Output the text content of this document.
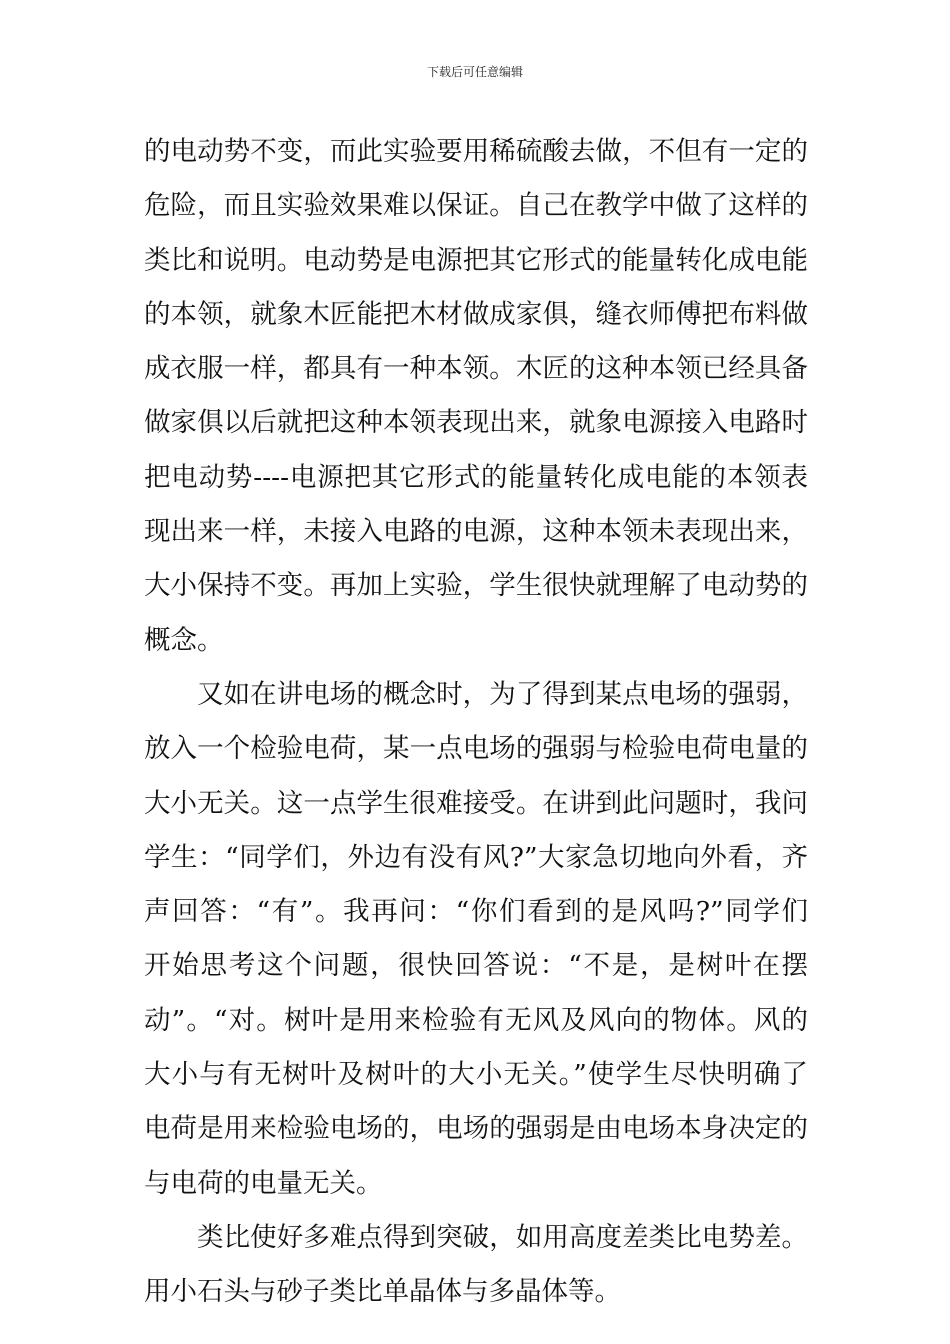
下载后可任意编辑
的电动势不变，而此实验要用稀硫酸去做，不但有一定的
危险，而且实验效果难以保证。自己在教学中做了这样的
类比和说明。电动势是电源把其它形式的能量转化成电能
的本领，就象木匠能把木材做成家俱，缝衣师傅把布料做
成衣服一样，都具有一种本领。木匠的这种本领已经具备
做家俱以后就把这种本领表现出来，就象电源接入电路时
把电动势----电源把其它形式的能量转化成电能的本领表
现出来一样，未接入电路的电源，这种本领未表现出来，
大小保持不变。再加上实验，学生很快就理解了电动势的
概念。
又如在讲电场的概念时，为了得到某点电场的强弱，
放入一个检验电荷，某一点电场的强弱与检验电荷电量的
大小无关。这一点学生很难接受。在讲到此问题时，我问
学生：“同学们，外边有没有风?”大家急切地向外看，齐
声回答：“有”。我再问：“你们看到的是风吗?”同学们
开始思考这个问题，很快回答说：“不是，是树叶在摆
动”。“对。树叶是用来检验有无风及风向的物体。风的
大小与有无树叶及树叶的大小无关。”使学生尽快明确了
电荷是用来检验电场的，电场的强弱是由电场本身决定的
与电荷的电量无关。
类比使好多难点得到突破，如用高度差类比电势差。
用小石头与砂子类比单晶体与多晶体等。
